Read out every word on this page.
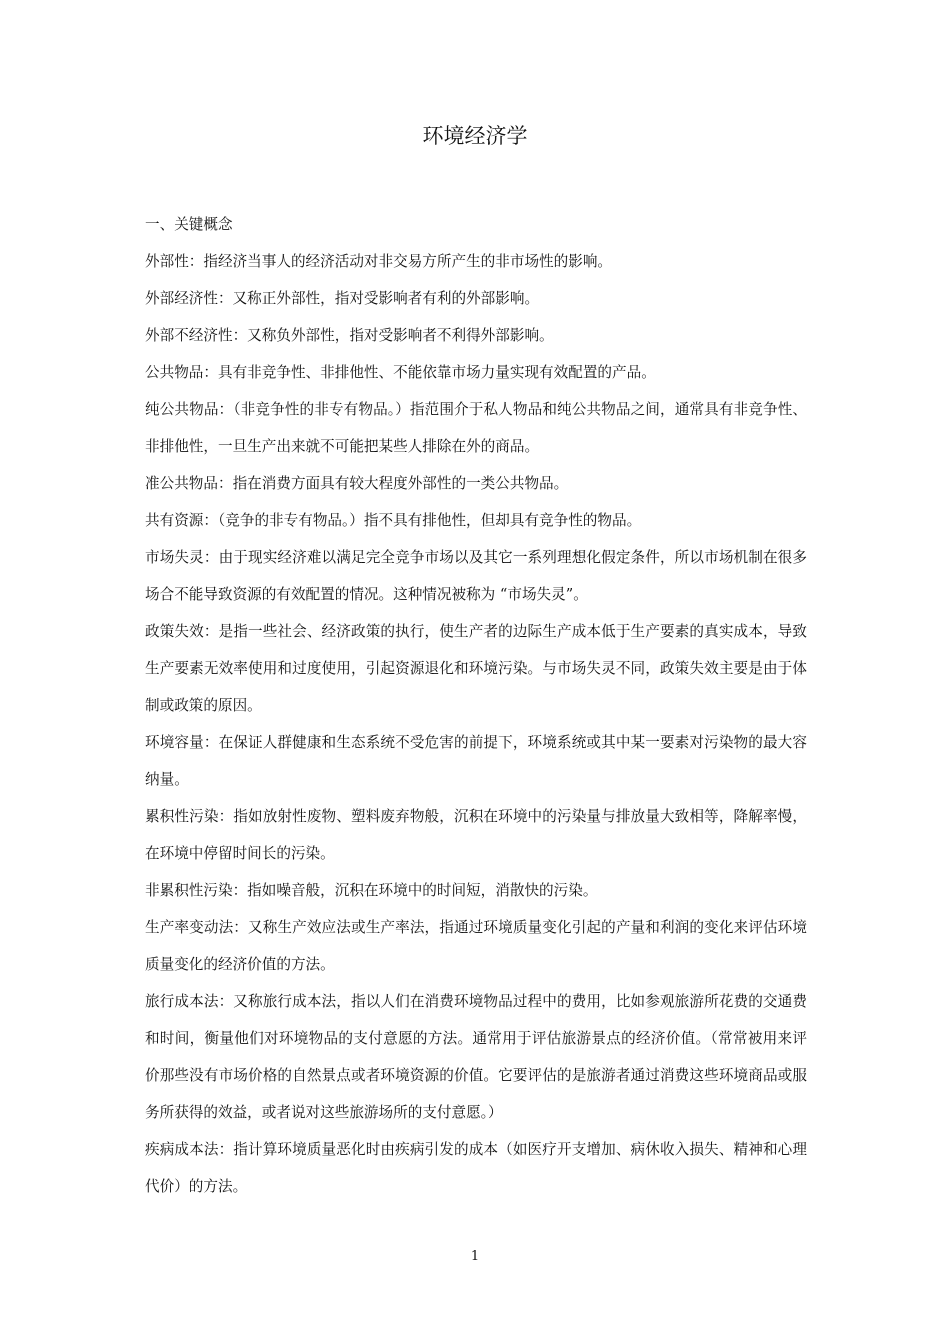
环境经济学

一、关键概念

外部性：指经济当事人的经济活动对非交易方所产生的非市场性的影响。

外部经济性：又称正外部性，指对受影响者有利的外部影响。

外部不经济性：又称负外部性，指对受影响者不利得外部影响。

公共物品：具有非竞争性、非排他性、不能依靠市场力量实现有效配置的产品。

纯公共物品：（非竞争性的非专有物品。）指范围介于私人物品和纯公共物品之间，通常具有非竞争性、非排他性，一旦生产出来就不可能把某些人排除在外的商品。

准公共物品：指在消费方面具有较大程度外部性的一类公共物品。

共有资源：（竞争的非专有物品。）指不具有排他性，但却具有竞争性的物品。

市场失灵：由于现实经济难以满足完全竞争市场以及其它一系列理想化假定条件，所以市场机制在很多场合不能导致资源的有效配置的情况。这种情况被称为 “市场失灵”。

政策失效：是指一些社会、经济政策的执行，使生产者的边际生产成本低于生产要素的真实成本，导致生产要素无效率使用和过度使用，引起资源退化和环境污染。与市场失灵不同，政策失效主要是由于体制或政策的原因。

环境容量：在保证人群健康和生态系统不受危害的前提下，环境系统或其中某一要素对污染物的最大容纳量。

累积性污染：指如放射性废物、塑料废弃物般，沉积在环境中的污染量与排放量大致相等，降解率慢，在环境中停留时间长的污染。

非累积性污染：指如噪音般，沉积在环境中的时间短，消散快的污染。

生产率变动法：又称生产效应法或生产率法，指通过环境质量变化引起的产量和利润的变化来评估环境质量变化的经济价值的方法。

旅行成本法：又称旅行成本法，指以人们在消费环境物品过程中的费用，比如参观旅游所花费的交通费和时间，衡量他们对环境物品的支付意愿的方法。通常用于评估旅游景点的经济价值。（常常被用来评价那些没有市场价格的自然景点或者环境资源的价值。它要评估的是旅游者通过消费这些环境商品或服务所获得的效益，或者说对这些旅游场所的支付意愿。）

疾病成本法：指计算环境质量恶化时由疾病引发的成本（如医疗开支增加、病休收入损失、精神和心理代价）的方法。

1
